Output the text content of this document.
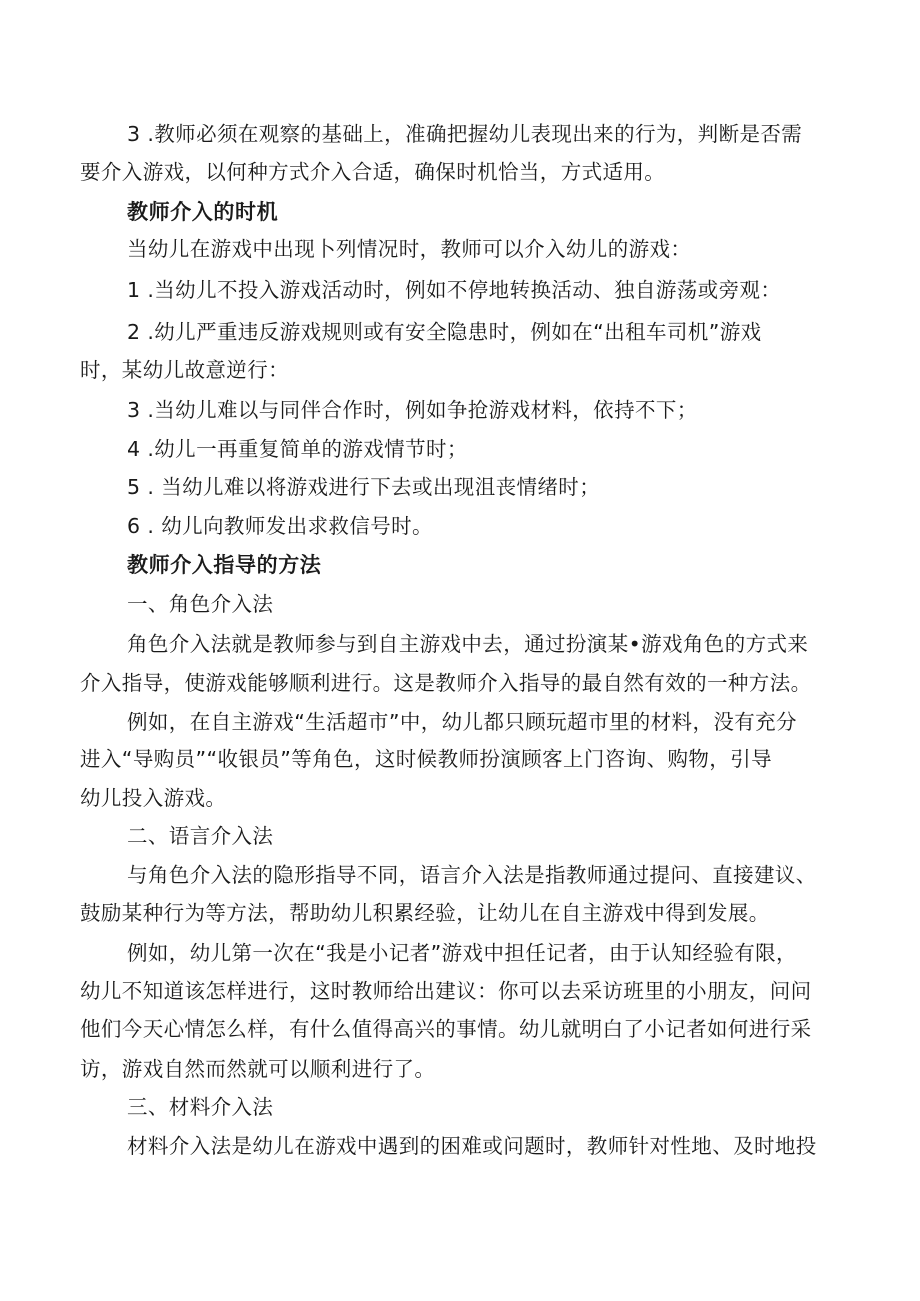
3 .教师必须在观察的基础上，准确把握幼儿表现出来的行为，判断是否需
要介入游戏，以何种方式介入合适，确保时机恰当，方式适用。
教师介入的时机
当幼儿在游戏中出现卜列情况时，教师可以介入幼儿的游戏：
1 .当幼儿不投入游戏活动时，例如不停地转换活动、独自游荡或旁观：
2 .幼儿严重违反游戏规则或有安全隐患时，例如在“出租车司机”游戏
时，某幼儿故意逆行：
3 .当幼儿难以与同伴合作时，例如争抢游戏材料，依持不下；
4 .幼儿一再重复简单的游戏情节时；
5 . 当幼儿难以将游戏进行下去或出现沮丧情绪时；
6 . 幼儿向教师发出求救信号时。
教师介入指导的方法
一、角色介入法
角色介入法就是教师参与到自主游戏中去，通过扮演某•游戏角色的方式来
介入指导，使游戏能够顺利进行。这是教师介入指导的最自然有效的一种方法。
例如，在自主游戏“生活超市”中，幼儿都只顾玩超市里的材料，没有充分
进入“导购员”“收银员”等角色，这时候教师扮演顾客上门咨询、购物，引导
幼儿投入游戏。
二、语言介入法
与角色介入法的隐形指导不同，语言介入法是指教师通过提问、直接建议、
鼓励某种行为等方法，帮助幼儿积累经验，让幼儿在自主游戏中得到发展。
例如，幼儿第一次在“我是小记者”游戏中担任记者，由于认知经验有限，
幼儿不知道该怎样进行，这时教师给出建议：你可以去采访班里的小朋友，问问
他们今天心情怎么样，有什么值得高兴的事情。幼儿就明白了小记者如何进行采
访，游戏自然而然就可以顺利进行了。
三、材料介入法
材料介入法是幼儿在游戏中遇到的困难或问题时，教师针对性地、及时地投
